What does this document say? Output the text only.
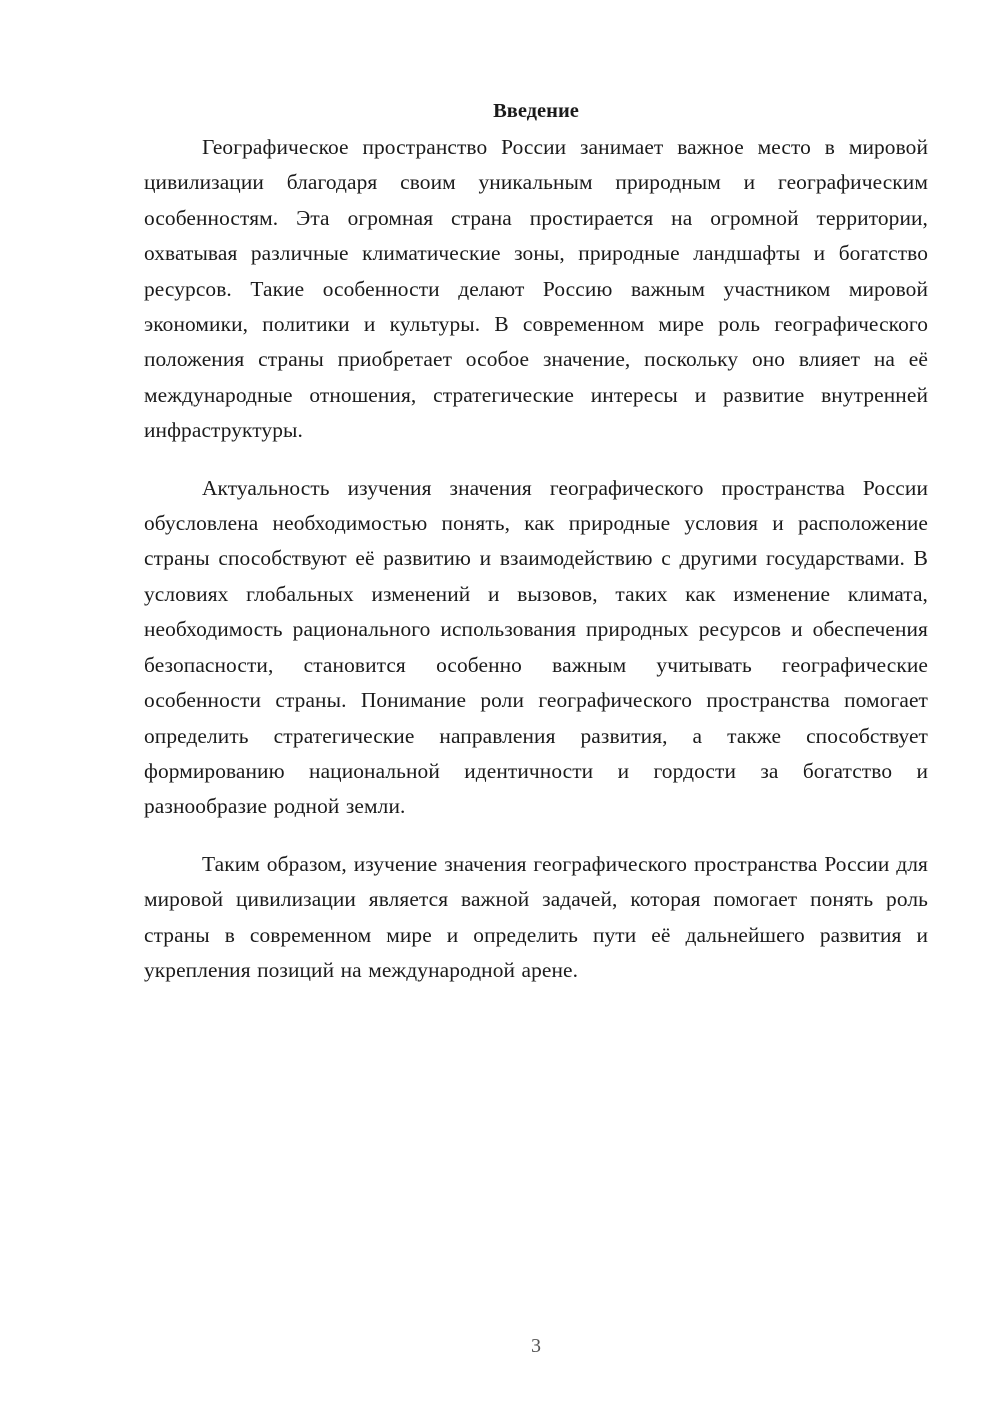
Введение

Географическое пространство России занимает важное место в мировой цивилизации благодаря своим уникальным природным и географическим особенностям. Эта огромная страна простирается на огромной территории, охватывая различные климатические зоны, природные ландшафты и богатство ресурсов. Такие особенности делают Россию важным участником мировой экономики, политики и культуры. В современном мире роль географического положения страны приобретает особое значение, поскольку оно влияет на её международные отношения, стратегические интересы и развитие внутренней инфраструктуры.

Актуальность изучения значения географического пространства России обусловлена необходимостью понять, как природные условия и расположение страны способствуют её развитию и взаимодействию с другими государствами. В условиях глобальных изменений и вызовов, таких как изменение климата, необходимость рационального использования природных ресурсов и обеспечения безопасности, становится особенно важным учитывать географические особенности страны. Понимание роли географического пространства помогает определить стратегические направления развития, а также способствует формированию национальной идентичности и гордости за богатство и разнообразие родной земли.

Таким образом, изучение значения географического пространства России для мировой цивилизации является важной задачей, которая помогает понять роль страны в современном мире и определить пути её дальнейшего развития и укрепления позиций на международной арене.

3
